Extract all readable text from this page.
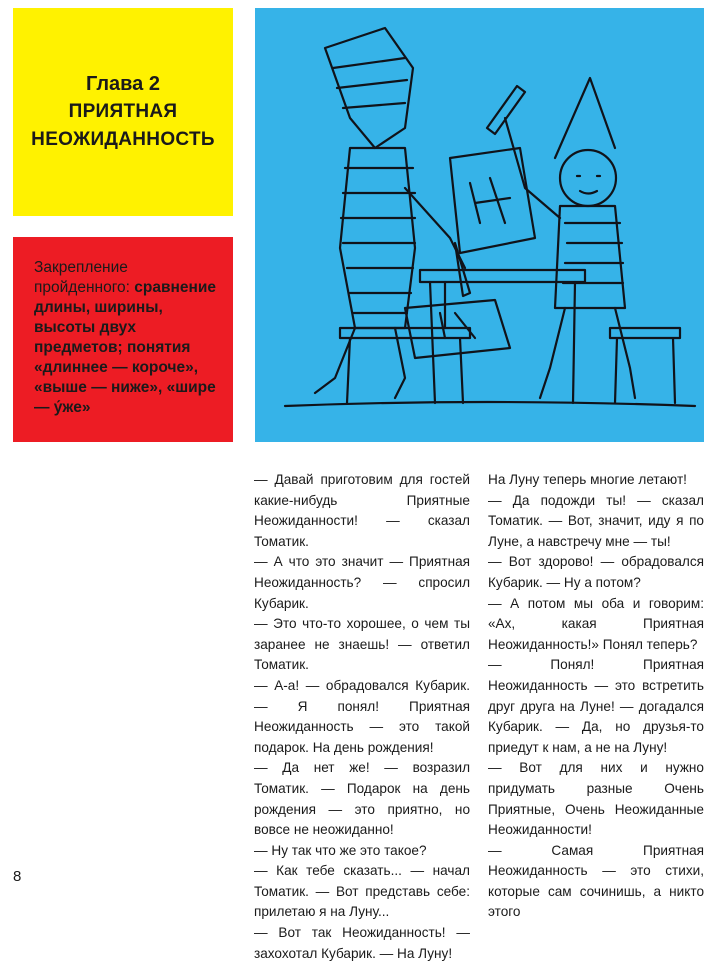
Глава 2
ПРИЯТНАЯ
НЕОЖИДАННОСТЬ
Закрепление пройденного: сравнение длины, ширины, высоты двух предметов; понятия «длиннее — короче», «выше — ниже», «шире — у́же»

— Давай приготовим для гостей какие-нибудь Приятные Неожиданности! — сказал Томатик.

— А что это значит — Приятная Неожиданность? — спросил Кубарик.

— Это что-то хорошее, о чем ты заранее не знаешь! — ответил Томатик.

— А-а! — обрадовался Кубарик. — Я понял! Приятная Неожиданность — это такой подарок. На день рождения!

— Да нет же! — возразил Томатик. — Подарок на день рождения — это приятно, но вовсе не неожиданно!

— Ну так что же это такое?

— Как тебе сказать... — начал Томатик. — Вот представь себе: прилетаю я на Луну...

— Вот так Неожиданность! — захохотал Кубарик. — На Луну!

На Луну теперь многие летают!

— Да подожди ты! — сказал Томатик. — Вот, значит, иду я по Луне, а навстречу мне — ты!

— Вот здорово! — обрадовался Кубарик. — Ну а потом?

— А потом мы оба и говорим: «Ах, какая Приятная Неожиданность!» Понял теперь?

— Понял! Приятная Неожиданность — это встретить друг друга на Луне! — догадался Кубарик. — Да, но друзья-то приедут к нам, а не на Луну!

— Вот для них и нужно придумать разные Очень Приятные, Очень Неожиданные Неожиданности!

— Самая Приятная Неожиданность — это стихи, которые сам сочинишь, а никто этого

8
